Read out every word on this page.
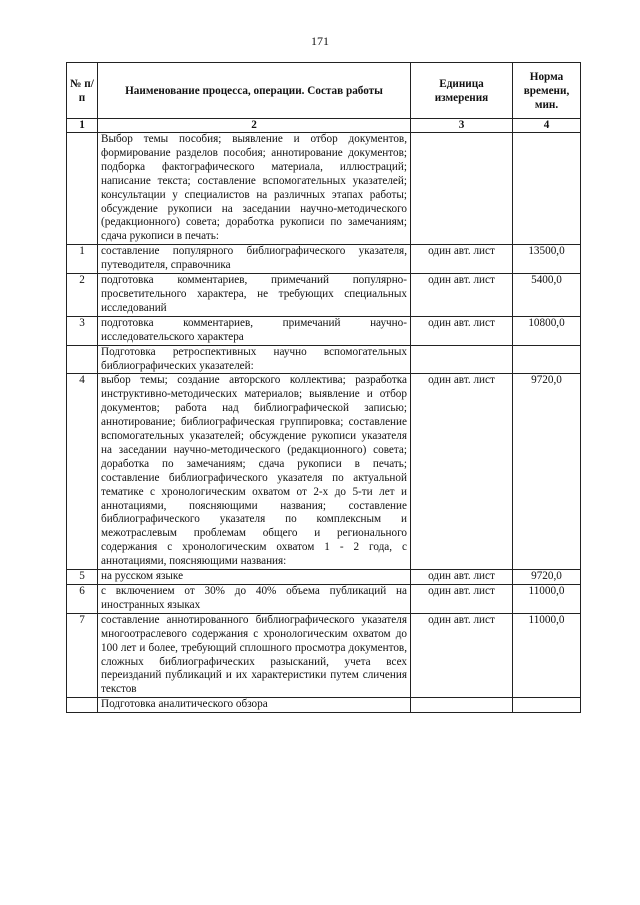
171
№ п/п	Наименование процесса, операции. Состав работы	Единица измерения	Норма времени, мин.
1	2	3	4
	Выбор темы пособия; выявление и отбор документов, формирование разделов пособия; аннотирование документов; подборка фактографического материала, иллюстраций; написание текста; составление вспомогательных указателей; консультации у специалистов на различных этапах работы; обсуждение рукописи на заседании научно-методического (редакционного) совета; доработка рукописи по замечаниям; сдача рукописи в печать:		
1	составление популярного библиографического указателя, путеводителя, справочника	один авт. лист	13500,0
2	подготовка комментариев, примечаний популярно-просветительного характера, не требующих специальных исследований	один авт. лист	5400,0
3	подготовка комментариев, примечаний научно-исследовательского характера	один авт. лист	10800,0
	Подготовка ретроспективных научно вспомогательных библиографических указателей:		
4	выбор темы; создание авторского коллектива; разработка инструктивно-методических материалов; выявление и отбор документов; работа над библиографической записью; аннотирование; библиографическая группировка; составление вспомогательных указателей; обсуждение рукописи указателя на заседании научно-методического (редакционного) совета; доработка по замечаниям; сдача рукописи в печать; составление библиографического указателя по актуальной тематике с хронологическим охватом от 2-х до 5-ти лет и аннотациями, поясняющими названия; составление библиографического указателя по комплексным и межотраслевым проблемам общего и регионального содержания с хронологическим охватом 1 - 2 года, с аннотациями, поясняющими названия:	один авт. лист	9720,0
5	на русском языке	один авт. лист	9720,0
6	с включением от 30% до 40% объема публикаций на иностранных языках	один авт. лист	11000,0
7	составление аннотированного библиографического указателя многоотраслевого содержания с хронологическим охватом до 100 лет и более, требующий сплошного просмотра документов, сложных библиографических разысканий, учета всех переизданий публикаций и их характеристики путем сличения текстов	один авт. лист	11000,0
	Подготовка аналитического обзора		
